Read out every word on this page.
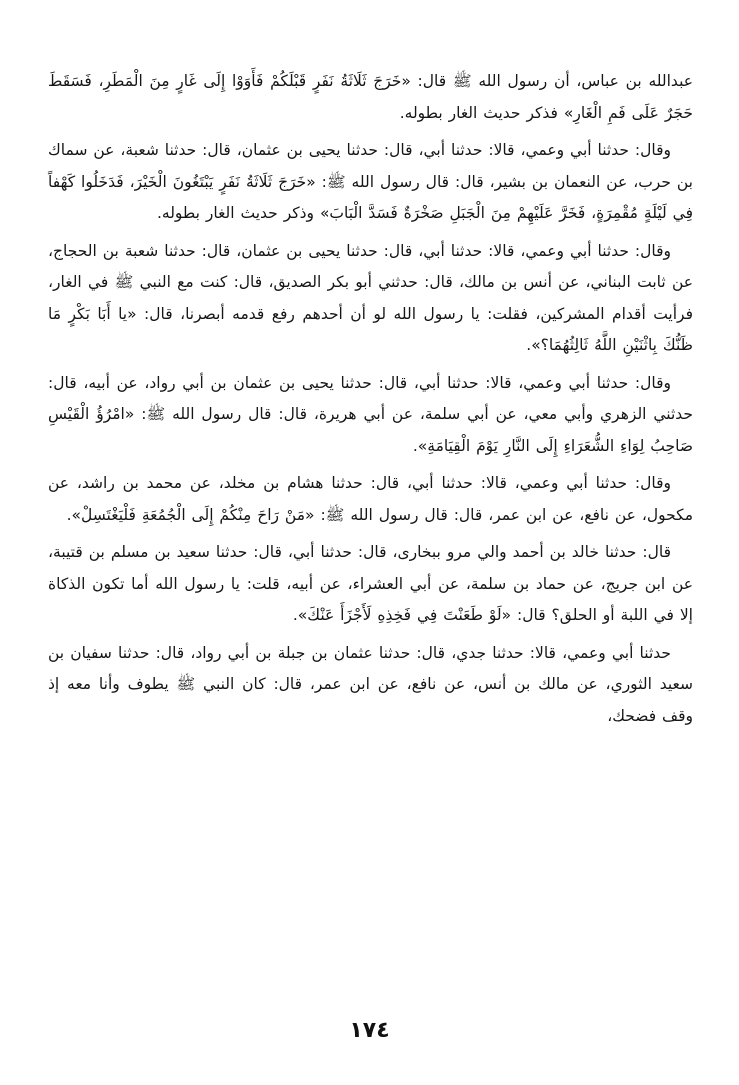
عبدالله بن عباس، أن رسول الله ﷺ قال: «خَرَجَ ثَلَاثَةُ نَفَرٍ قَبْلَكُمْ فَأَوَوْا إِلَى غَارٍ مِنَ الْمَطَرِ، فَسَقَطَ حَجَرٌ عَلَى فَمِ الْغَارِ» فذكر حديث الغار بطوله.

وقال: حدثنا أبي وعمي، قالا: حدثنا أبي، قال: حدثنا يحيى بن عثمان، قال: حدثنا شعبة، عن سماك بن حرب، عن النعمان بن بشير، قال: قال رسول الله ﷺ: «خَرَجَ ثَلَاثَةُ نَفَرٍ يَبْتَغُونَ الْخَيْرَ، فَدَخَلُوا كَهْفاً فِي لَيْلَةٍ مُقْمِرَةٍ، فَخَرَّ عَلَيْهِمْ مِنَ الْجَبَلِ صَخْرَةٌ فَسَدَّ الْبَابَ» وذكر حديث الغار بطوله.

وقال: حدثنا أبي وعمي، قالا: حدثنا أبي، قال: حدثنا يحيى بن عثمان، قال: حدثنا شعبة بن الحجاج، عن ثابت البناني، عن أنس بن مالك، قال: حدثني أبو بكر الصديق، قال: كنت مع النبي ﷺ في الغار، فرأيت أقدام المشركين، فقلت: يا رسول الله لو أن أحدهم رفع قدمه أبصرنا، قال: «يا أَبَا بَكْرٍ مَا ظَنُّكَ بِاثْنَيْنِ اللَّهُ ثَالِثُهُمَا؟».

وقال: حدثنا أبي وعمي، قالا: حدثنا أبي، قال: حدثنا يحيى بن عثمان بن أبي رواد، عن أبيه، قال: حدثني الزهري وأبي معي، عن أبي سلمة، عن أبي هريرة، قال: قال رسول الله ﷺ: «امْرُؤُ الْقَيْسِ صَاحِبُ لِوَاءِ الشُّعَرَاءِ إِلَى النَّارِ يَوْمَ الْقِيَامَةِ».

وقال: حدثنا أبي وعمي، قالا: حدثنا أبي، قال: حدثنا هشام بن مخلد، عن محمد بن راشد، عن مكحول، عن نافع، عن ابن عمر، قال: قال رسول الله ﷺ: «مَنْ رَاحَ مِنْكُمْ إِلَى الْجُمُعَةِ فَلْيَغْتَسِلْ».

قال: حدثنا خالد بن أحمد والي مرو ببخارى، قال: حدثنا أبي، قال: حدثنا سعيد بن مسلم بن قتيبة، عن ابن جريج، عن حماد بن سلمة، عن أبي العشراء، عن أبيه، قلت: يا رسول الله أما تكون الذكاة إلا في اللبة أو الحلق؟ قال: «لَوْ طَعَنْتَ فِي فَخِذِهِ لَأَجْزَأَ عَنْكَ».

حدثنا أبي وعمي، قالا: حدثنا جدي، قال: حدثنا عثمان بن جبلة بن أبي رواد، قال: حدثنا سفيان بن سعيد الثوري، عن مالك بن أنس، عن نافع، عن ابن عمر، قال: كان النبي ﷺ يطوف وأنا معه إذ وقف فضحك،

١٧٤
